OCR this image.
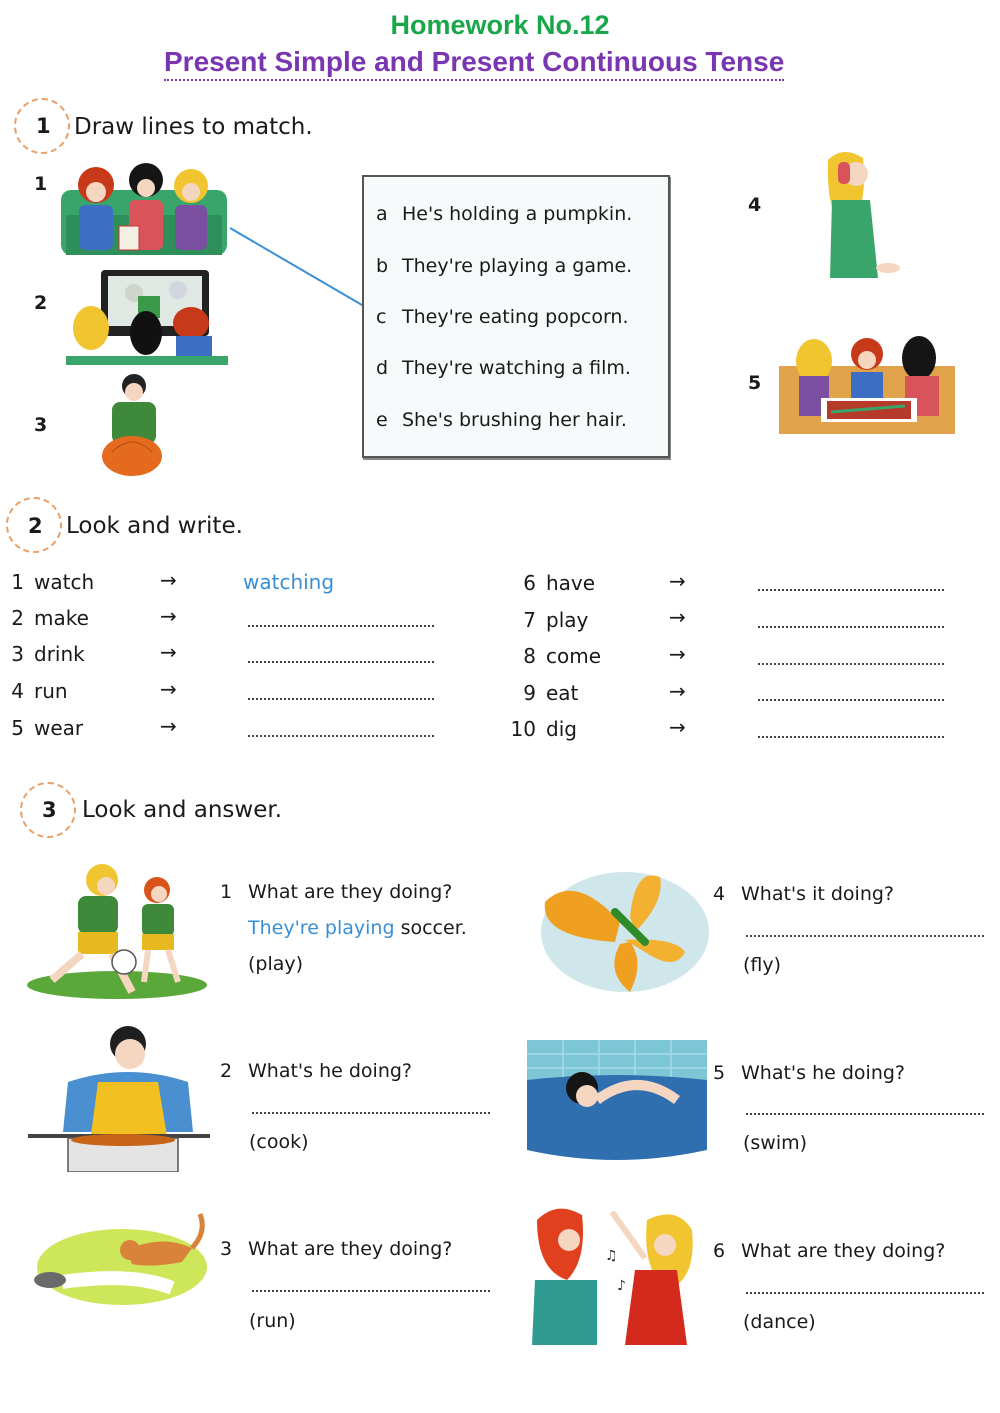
Homework No.12
Present Simple and Present Continuous Tense
1 Draw lines to match.
1
2
3
a He's holding a pumpkin.
b They're playing a game.
c They're eating popcorn.
d They're watching a film.
e She's brushing her hair.
4
5
2 Look and write.
1 watch	→	watching
2 make	→
3 drink	→
4 run	→
5 wear	→
6 have	→
7 play	→
8 come	→
9 eat	→
10 dig	→
3 Look and answer.
1 What are they doing?
They're playing soccer.
(play)
4 What's it doing?
(fly)
2 What's he doing?
(cook)
5 What's he doing?
(swim)
3 What are they doing?
(run)
♫
♪
6 What are they doing?
(dance)
